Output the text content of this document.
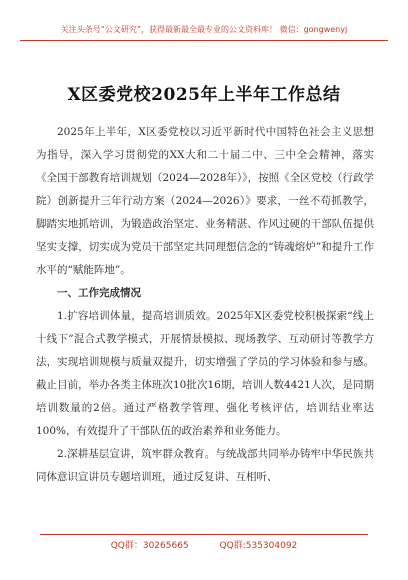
关注头条号“公文研究”，获得最新最全最专业的公文资料库！ 微信：gongwenyj
X区委党校2025年上半年工作总结

2025年上半年，X区委党校以习近平新时代中国特色社会主义思想为指导，深入学习贯彻党的XX大和二十届二中、三中全会精神，落实《全国干部教育培训规划（2024—2028年）》，按照《全区党校（行政学院）创新提升三年行动方案（2024—2026）》要求，一丝不苟抓教学，脚踏实地抓培训，为锻造政治坚定、业务精湛、作风过硬的干部队伍提供坚实支撑，切实成为党员干部坚定共同理想信念的“铸魂熔炉”和提升工作水平的“赋能阵地”。

一、工作完成情况

1.扩容培训体量，提高培训质效。2025年X区委党校积极探索“线上十线下”混合式教学模式，开展情景模拟、现场教学、互动研讨等教学方法，实现培训规模与质量双提升，切实增强了学员的学习体验和参与感。截止目前，举办各类主体班次10批次16期，培训人数4421人次，是同期培训数量的2倍。通过严格教学管理、强化考核评估，培训结业率达100%，有效提升了干部队伍的政治素养和业务能力。

2.深耕基层宣讲，筑牢群众教育。与统战部共同举办铸牢中华民族共同体意识宣讲员专题培训班，通过反复讲、互相听、

QQ群：30265665	QQ群:535304092
